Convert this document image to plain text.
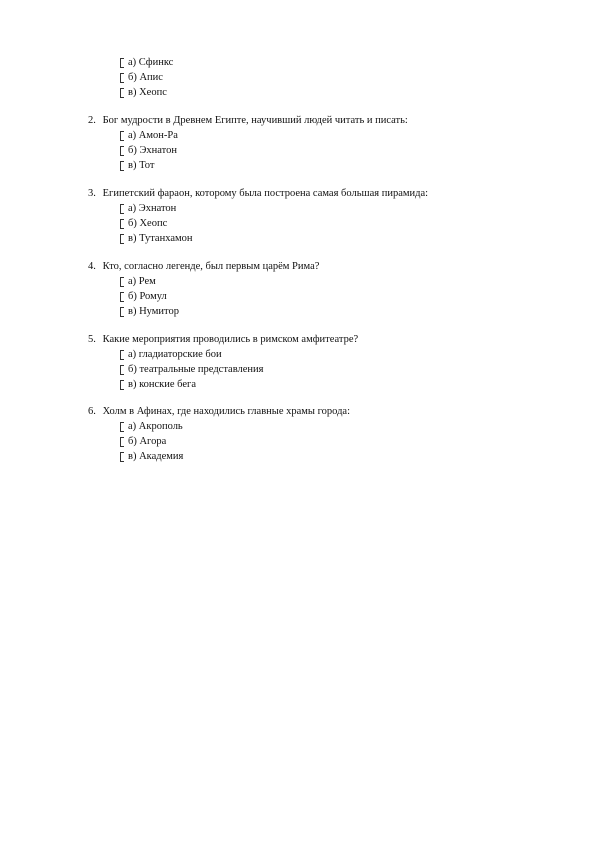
а) Сфинкс
б) Апис
в) Хеопс
2. Бог мудрости в Древнем Египте, научивший людей читать и писать:
а) Амон-Ра
б) Эхнатон
в) Тот
3. Египетский фараон, которому была построена самая большая пирамида:
а) Эхнатон
б) Хеопс
в) Тутанхамон
4. Кто, согласно легенде, был первым царём Рима?
а) Рем
б) Ромул
в) Нумитор
5. Какие мероприятия проводились в римском амфитеатре?
а) гладиаторские бои
б) театральные представления
в) конские бега
6. Холм в Афинах, где находились главные храмы города:
а) Акрополь
б) Агора
в) Академия
